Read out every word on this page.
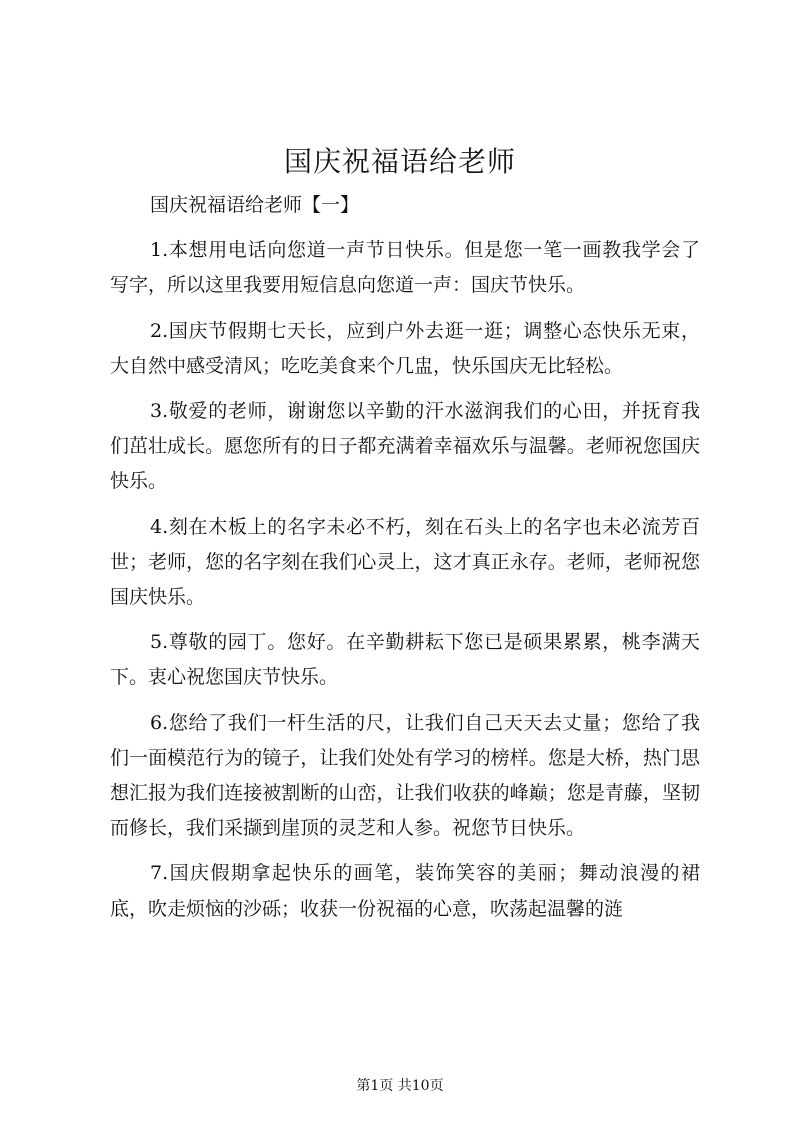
国庆祝福语给老师

国庆祝福语给老师【一】

1.本想用电话向您道一声节日快乐。但是您一笔一画教我学会了写字，所以这里我要用短信息向您道一声：国庆节快乐。

2.国庆节假期七天长，应到户外去逛一逛；调整心态快乐无束，大自然中感受清风；吃吃美食来个几盅，快乐国庆无比轻松。

3.敬爱的老师，谢谢您以辛勤的汗水滋润我们的心田，并抚育我们茁壮成长。愿您所有的日子都充满着幸福欢乐与温馨。老师祝您国庆快乐。

4.刻在木板上的名字未必不朽，刻在石头上的名字也未必流芳百世；老师，您的名字刻在我们心灵上，这才真正永存。老师，老师祝您国庆快乐。

5.尊敬的园丁。您好。在辛勤耕耘下您已是硕果累累，桃李满天下。衷心祝您国庆节快乐。

6.您给了我们一杆生活的尺，让我们自己天天去丈量；您给了我们一面模范行为的镜子，让我们处处有学习的榜样。您是大桥，热门思想汇报为我们连接被割断的山峦，让我们收获的峰巅；您是青藤，坚韧而修长，我们采撷到崖顶的灵芝和人参。祝您节日快乐。

7.国庆假期拿起快乐的画笔，装饰笑容的美丽；舞动浪漫的裙底，吹走烦恼的沙砾；收获一份祝福的心意，吹荡起温馨的涟

第1页 共10页
